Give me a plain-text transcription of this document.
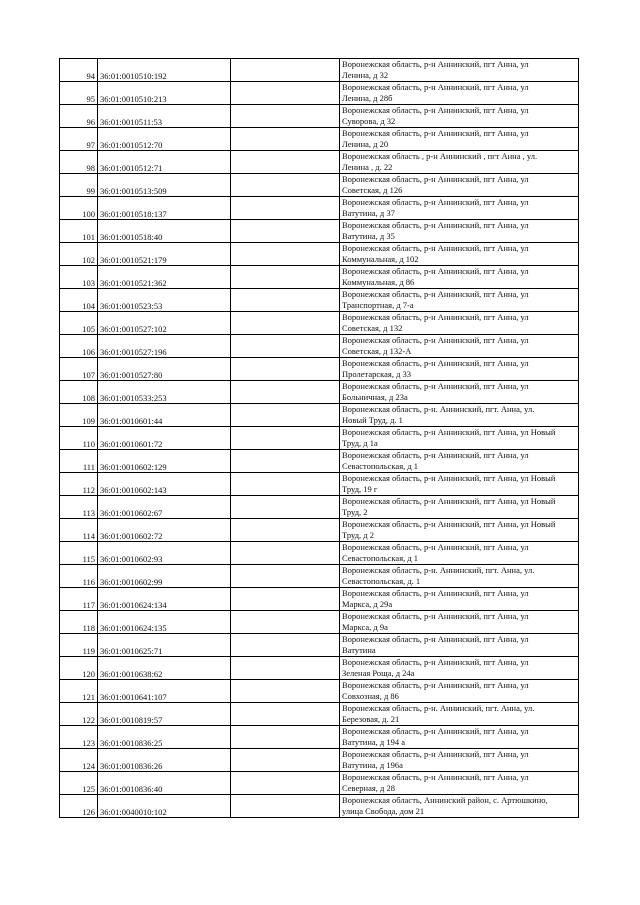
94	36:01:0010510:192		Воронежская область, р-н Аннинский, пгт Анна, ул
Ленина, д 32

95	36:01:0010510:213		Воронежская область, р-н Аннинский, пгт Анна, ул
Ленина, д 28б

96	36:01:0010511:53		Воронежская область, р-н Аннинский, пгт Анна, ул
Суворова, д 32

97	36:01:0010512:70		Воронежская область, р-н Аннинский, пгт Анна, ул
Ленина, д 20

98	36:01:0010512:71		Воронежская область , р-н Аннинский , пгт Анна , ул.
Ленина , д. 22

99	36:01:0010513:509		Воронежская область, р-н Аннинский, пгт Анна, ул
Советская, д 126

100	36:01:0010518:137		Воронежская область, р-н Аннинский, пгт Анна, ул
Ватутина, д 37

101	36:01:0010518:40		Воронежская область, р-н Аннинский, пгт Анна, ул
Ватутина, д 35

102	36:01:0010521:179		Воронежская область, р-н Аннинский, пгт Анна, ул
Коммунальная, д 102

103	36:01:0010521:362		Воронежская область, р-н Аннинский, пгт Анна, ул
Коммунальная, д 86

104	36:01:0010523:53		Воронежская область, р-н Аннинский, пгт Анна, ул
Транспортная, д 7-а

105	36:01:0010527:102		Воронежская область, р-н Аннинский, пгт Анна, ул
Советская, д 132

106	36:01:0010527:196		Воронежская область, р-н Аннинский, пгт Анна, ул
Советская, д 132-А

107	36:01:0010527:80		Воронежская область, р-н Аннинский, пгт Анна, ул
Пролетарская, д 33

108	36:01:0010533:253		Воронежская область, р-н Аннинский, пгт Анна, ул
Больничная, д 23а

109	36:01:0010601:44		Воронежская область, р-н. Аннинский, пгт. Анна, ул.
Новый Труд, д. 1

110	36:01:0010601:72		Воронежская область, р-н Аннинский, пгт Анна, ул Новый
Труд, д 1а

111	36:01:0010602:129		Воронежская область, р-н Аннинский, пгт Анна, ул
Севастопольская, д 1

112	36:01:0010602:143		Воронежская область, р-н Аннинский, пгт Анна, ул Новый
Труд, 19 г

113	36:01:0010602:67		Воронежская область, р-н Аннинский, пгт Анна, ул Новый
Труд, 2

114	36:01:0010602:72		Воронежская область, р-н Аннинский, пгт Анна, ул Новый
Труд, д 2

115	36:01:0010602:93		Воронежская область, р-н Аннинский, пгт Анна, ул
Севастопольская, д 1

116	36:01:0010602:99		Воронежская область, р-н. Аннинский, пгт. Анна, ул.
Севастопольская, д. 1

117	36:01:0010624:134		Воронежская область, р-н Аннинский, пгт Анна, ул
Маркса, д 29а

118	36:01:0010624:135		Воронежская область, р-н Аннинский, пгт Анна, ул
Маркса, д 9а

119	36:01:0010625:71		Воронежская область, р-н Аннинский, пгт Анна, ул
Ватутина

120	36:01:0010638:62		Воронежская область, р-н Аннинский, пгт Анна, ул
Зеленая Роща, д 24а

121	36:01:0010641:107		Воронежская область, р-н Аннинский, пгт Анна, ул
Совхозная, д 86

122	36:01:0010819:57		Воронежская область, р-н. Аннинский, пгт. Анна, ул.
Березовая, д. 21

123	36:01:0010836:25		Воронежская область, р-н Аннинский, пгт Анна, ул
Ватутина, д 194 а

124	36:01:0010836:26		Воронежская область, р-н Аннинский, пгт Анна, ул
Ватутина, д 196а

125	36:01:0010836:40		Воронежская область, р-н Аннинский, пгт Анна, ул
Северная, д 28

126	36:01:0040010:102		Воронежская область, Аннинский район, с. Артюшкино,
улица Свобода, дом 21
